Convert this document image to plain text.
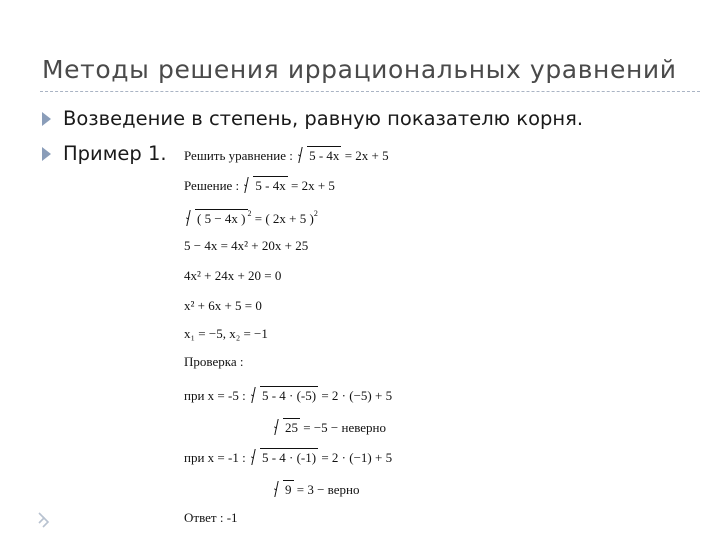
Методы решения иррациональных уравнений
Возведение в степень, равную показателю корня.
Пример 1. Решить уравнение : 5 - 4x = 2x + 5
Решение : 5 - 4x = 2x + 5
( 5 − 4x ) $^2$ = ( 2x + 5 )$^2$
5 − 4x = 4x² + 20x + 25
4x² + 24x + 20 = 0
x² + 6x + 5 = 0
x₁ = −5, x₂ = −1
Проверка :
при x = -5 : 5 - 4 · (-5) = 2 · (−5) + 5
25 = −5 − неверно
при x = -1 : 5 - 4 · (-1) = 2 · (−1) + 5
9 = 3 − верно
Ответ : -1
